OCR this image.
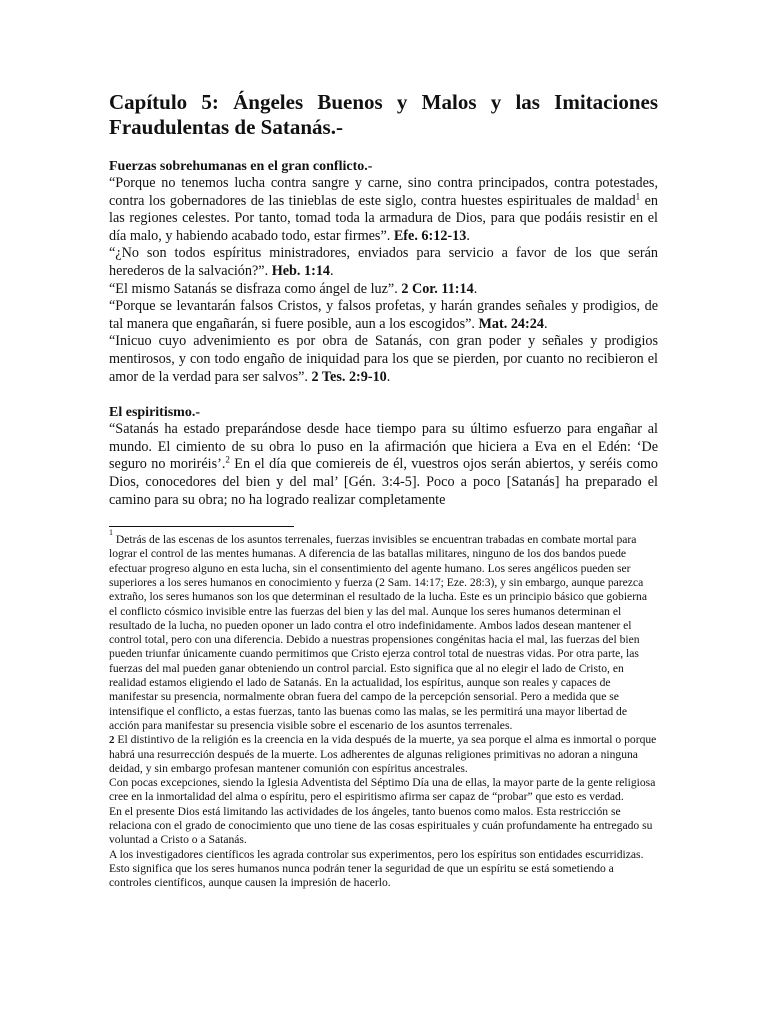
Capítulo 5: Ángeles Buenos y Malos y las Imitaciones Fraudulentas de Satanás.-
Fuerzas sobrehumanas en el gran conflicto.-

“Porque no tenemos lucha contra sangre y carne, sino contra principados, contra potestades, contra los gobernadores de las tinieblas de este siglo, contra huestes espirituales de maldad$^1$ en las regiones celestes. Por tanto, tomad toda la armadura de Dios, para que podáis resistir en el día malo, y habiendo acabado todo, estar firmes”. Efe. 6:12-13.

“¿No son todos espíritus ministradores, enviados para servicio a favor de los que serán herederos de la salvación?”. Heb. 1:14.

“El mismo Satanás se disfraza como ángel de luz”. 2 Cor. 11:14.

“Porque se levantarán falsos Cristos, y falsos profetas, y harán grandes señales y prodigios, de tal manera que engañarán, si fuere posible, aun a los escogidos”. Mat. 24:24.

“Inicuo cuyo advenimiento es por obra de Satanás, con gran poder y señales y prodigios mentirosos, y con todo engaño de iniquidad para los que se pierden, por cuanto no recibieron el amor de la verdad para ser salvos”. 2 Tes. 2:9-10.

El espiritismo.-

“Satanás ha estado preparándose desde hace tiempo para su último esfuerzo para engañar al mundo. El cimiento de su obra lo puso en la afirmación que hiciera a Eva en el Edén: ‘De seguro no moriréis’.$^2$ En el día que comiereis de él, vuestros ojos serán abiertos, y seréis como Dios, conocedores del bien y del mal’ [Gén. 3:4-5]. Poco a poco [Satanás] ha preparado el camino para su obra; no ha logrado realizar completamente

$^1$ Detrás de las escenas de los asuntos terrenales, fuerzas invisibles se encuentran trabadas en combate mortal para lograr el control de las mentes humanas. A diferencia de las batallas militares, ninguno de los dos bandos puede efectuar progreso alguno en esta lucha, sin el consentimiento del agente humano. Los seres angélicos pueden ser superiores a los seres humanos en conocimiento y fuerza (2 Sam. 14:17; Eze. 28:3), y sin embargo, aunque parezca extraño, los seres humanos son los que determinan el resultado de la lucha. Este es un principio básico que gobierna el conflicto cósmico invisible entre las fuerzas del bien y las del mal. Aunque los seres humanos determinan el resultado de la lucha, no pueden oponer un lado contra el otro indefinidamente. Ambos lados desean mantener el control total, pero con una diferencia. Debido a nuestras propensiones congénitas hacia el mal, las fuerzas del bien pueden triunfar únicamente cuando permitimos que Cristo ejerza control total de nuestras vidas. Por otra parte, las fuerzas del mal pueden ganar obteniendo un control parcial. Esto significa que al no elegir el lado de Cristo, en realidad estamos eligiendo el lado de Satanás. En la actualidad, los espíritus, aunque son reales y capaces de manifestar su presencia, normalmente obran fuera del campo de la percepción sensorial. Pero a medida que se intensifique el conflicto, a estas fuerzas, tanto las buenas como las malas, se les permitirá una mayor libertad de acción para manifestar su presencia visible sobre el escenario de los asuntos terrenales.

2 El distintivo de la religión es la creencia en la vida después de la muerte, ya sea porque el alma es inmortal o porque habrá una resurrección después de la muerte. Los adherentes de algunas religiones primitivas no adoran a ninguna deidad, y sin embargo profesan mantener comunión con espíritus ancestrales.

Con pocas excepciones, siendo la Iglesia Adventista del Séptimo Día una de ellas, la mayor parte de la gente religiosa cree en la inmortalidad del alma o espíritu, pero el espiritismo afirma ser capaz de “probar” que esto es verdad.

En el presente Dios está limitando las actividades de los ángeles, tanto buenos como malos. Esta restricción se relaciona con el grado de conocimiento que uno tiene de las cosas espirituales y cuán profundamente ha entregado su voluntad a Cristo o a Satanás.

A los investigadores científicos les agrada controlar sus experimentos, pero los espíritus son entidades escurridizas. Esto significa que los seres humanos nunca podrán tener la seguridad de que un espíritu se está sometiendo a controles científicos, aunque causen la impresión de hacerlo.
